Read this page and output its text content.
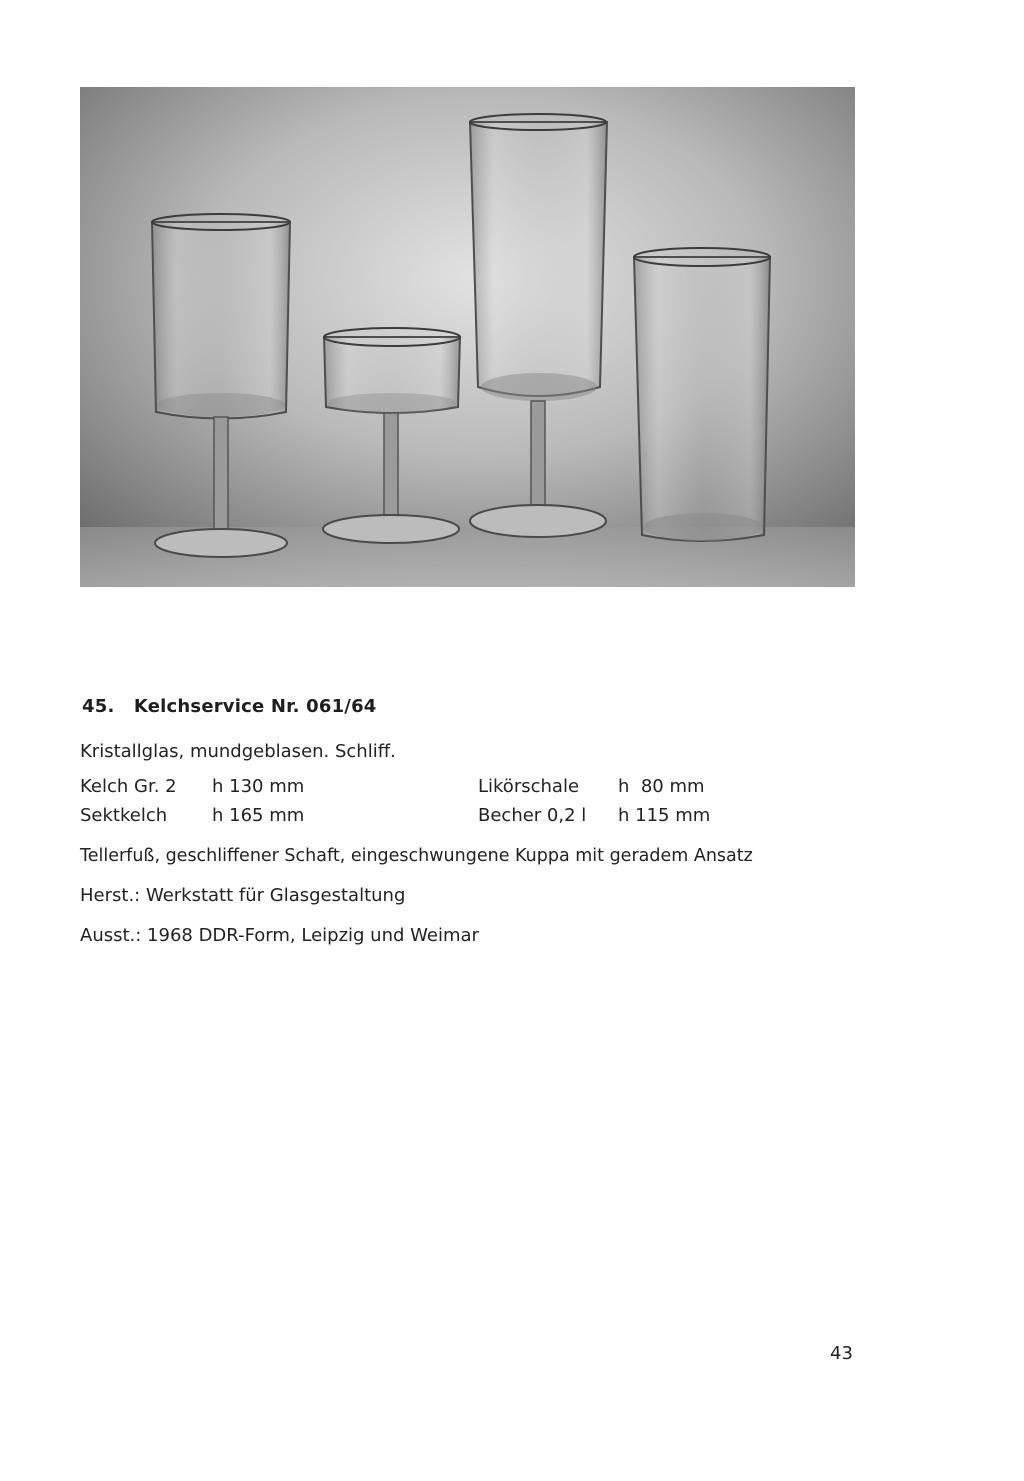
45. Kelchservice Nr. 061/64
Kristallglas, mundgeblasen. Schliff.
Kelch Gr. 2 h 130 mm
Sektkelch h 165 mm
Likörschale h  80 mm
Becher 0,2 l h 115 mm
Tellerfuß, geschliffener Schaft, eingeschwungene Kuppa mit geradem Ansatz
Herst.: Werkstatt für Glasgestaltung
Ausst.: 1968 DDR-Form, Leipzig und Weimar
43
